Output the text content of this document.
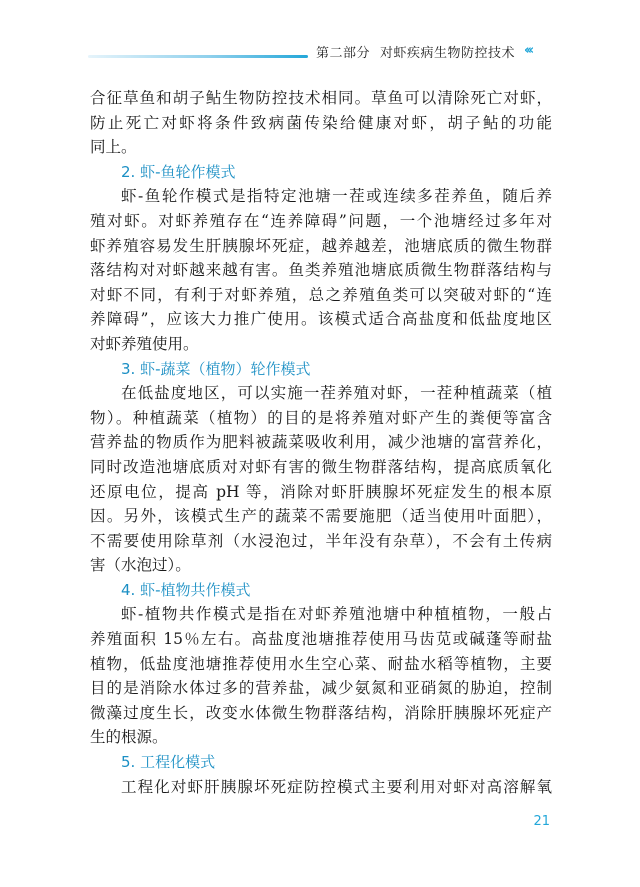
第二部分 对虾疾病生物防控技术 ‹‹‹
合征草鱼和胡子鲇生物防控技术相同。草鱼可以清除死亡对虾，
防止死亡对虾将条件致病菌传染给健康对虾，胡子鲇的功能
同上。
2. 虾-鱼轮作模式
虾-鱼轮作模式是指特定池塘一茬或连续多茬养鱼，随后养
殖对虾。对虾养殖存在“连养障碍”问题，一个池塘经过多年对
虾养殖容易发生肝胰腺坏死症，越养越差，池塘底质的微生物群
落结构对对虾越来越有害。鱼类养殖池塘底质微生物群落结构与
对虾不同，有利于对虾养殖，总之养殖鱼类可以突破对虾的“连
养障碍”，应该大力推广使用。该模式适合高盐度和低盐度地区
对虾养殖使用。
3. 虾-蔬菜（植物）轮作模式
在低盐度地区，可以实施一茬养殖对虾，一茬种植蔬菜（植
物）。种植蔬菜（植物）的目的是将养殖对虾产生的粪便等富含
营养盐的物质作为肥料被蔬菜吸收利用，减少池塘的富营养化，
同时改造池塘底质对对虾有害的微生物群落结构，提高底质氧化
还原电位，提高 pH 等，消除对虾肝胰腺坏死症发生的根本原
因。另外，该模式生产的蔬菜不需要施肥（适当使用叶面肥），
不需要使用除草剂（水浸泡过，半年没有杂草），不会有土传病
害（水泡过）。
4. 虾-植物共作模式
虾-植物共作模式是指在对虾养殖池塘中种植植物，一般占
养殖面积 15％左右。高盐度池塘推荐使用马齿苋或碱蓬等耐盐
植物，低盐度池塘推荐使用水生空心菜、耐盐水稻等植物，主要
目的是消除水体过多的营养盐，减少氨氮和亚硝氮的胁迫，控制
微藻过度生长，改变水体微生物群落结构，消除肝胰腺坏死症产
生的根源。
5. 工程化模式
工程化对虾肝胰腺坏死症防控模式主要利用对虾对高溶解氧
21
